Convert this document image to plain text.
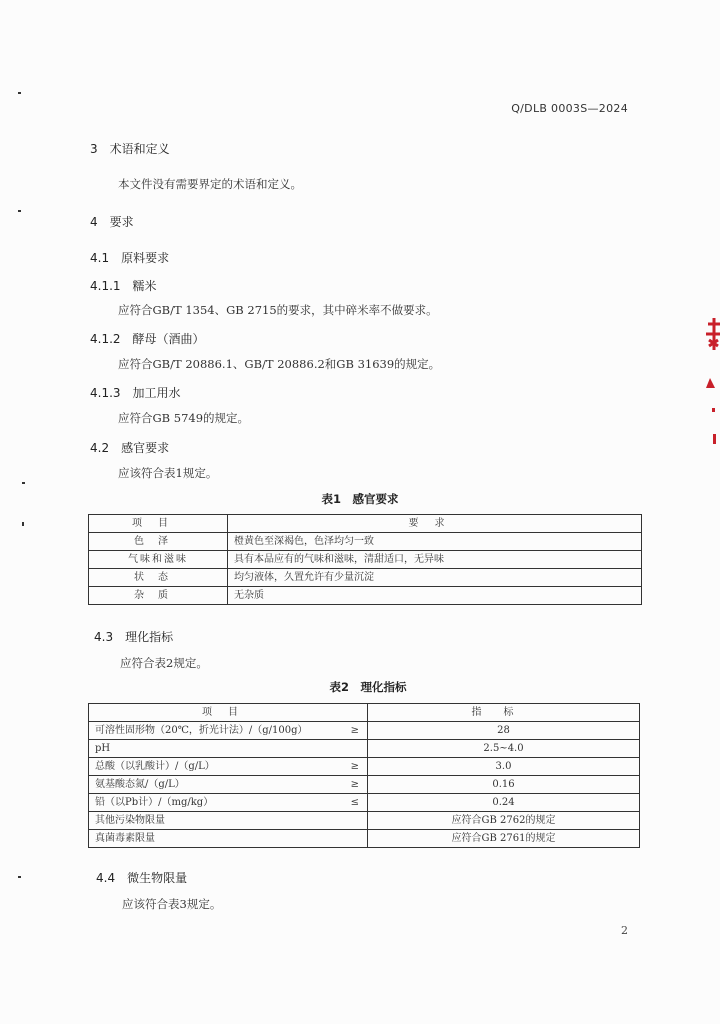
Q/DLB 0003S—2024
3 术语和定义
本文件没有需要界定的术语和定义。
4 要求
4.1 原料要求
4.1.1 糯米
应符合GB/T 1354、GB 2715的要求，其中碎米率不做要求。
4.1.2 酵母（酒曲）
应符合GB/T 20886.1、GB/T 20886.2和GB 31639的规定。
4.1.3 加工用水
应符合GB 5749的规定。
4.2 感官要求
应该符合表1规定。
表1　感官要求
项目	要求
色泽	橙黄色至深褐色，色泽均匀一致
气味和滋味	具有本品应有的气味和滋味，清甜适口，无异味
状态	均匀液体，久置允许有少量沉淀
杂质	无杂质
4.3 理化指标
应符合表2规定。
表2　理化指标
项目	指标
可溶性固形物（20℃，折光计法）/（g/100g） ≥	28
pH	2.5~4.0
总酸（以乳酸计）/（g/L） ≥	3.0
氨基酸态氮/（g/L） ≥	0.16
铅（以Pb计）/（mg/kg） ≤	0.24
其他污染物限量	应符合GB 2762的规定
真菌毒素限量	应符合GB 2761的规定
4.4 微生物限量
应该符合表3规定。
2
